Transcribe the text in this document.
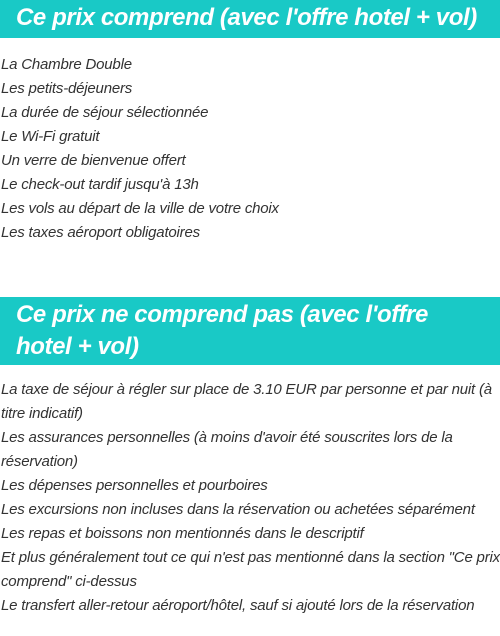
Ce prix comprend (avec l'offre hotel + vol)
La Chambre Double
Les petits-déjeuners
La durée de séjour sélectionnée
Le Wi-Fi gratuit
Un verre de bienvenue offert
Le check-out tardif jusqu'à 13h
Les vols au départ de la ville de votre choix
Les taxes aéroport obligatoires
Ce prix ne comprend pas (avec l'offre hotel + vol)
La taxe de séjour à régler sur place de 3.10 EUR par personne et par nuit (à titre indicatif)
Les assurances personnelles (à moins d'avoir été souscrites lors de la réservation)
Les dépenses personnelles et pourboires
Les excursions non incluses dans la réservation ou achetées séparément
Les repas et boissons non mentionnés dans le descriptif
Et plus généralement tout ce qui n'est pas mentionné dans la section "Ce prix comprend" ci-dessus
Le transfert aller-retour aéroport/hôtel, sauf si ajouté lors de la réservation
